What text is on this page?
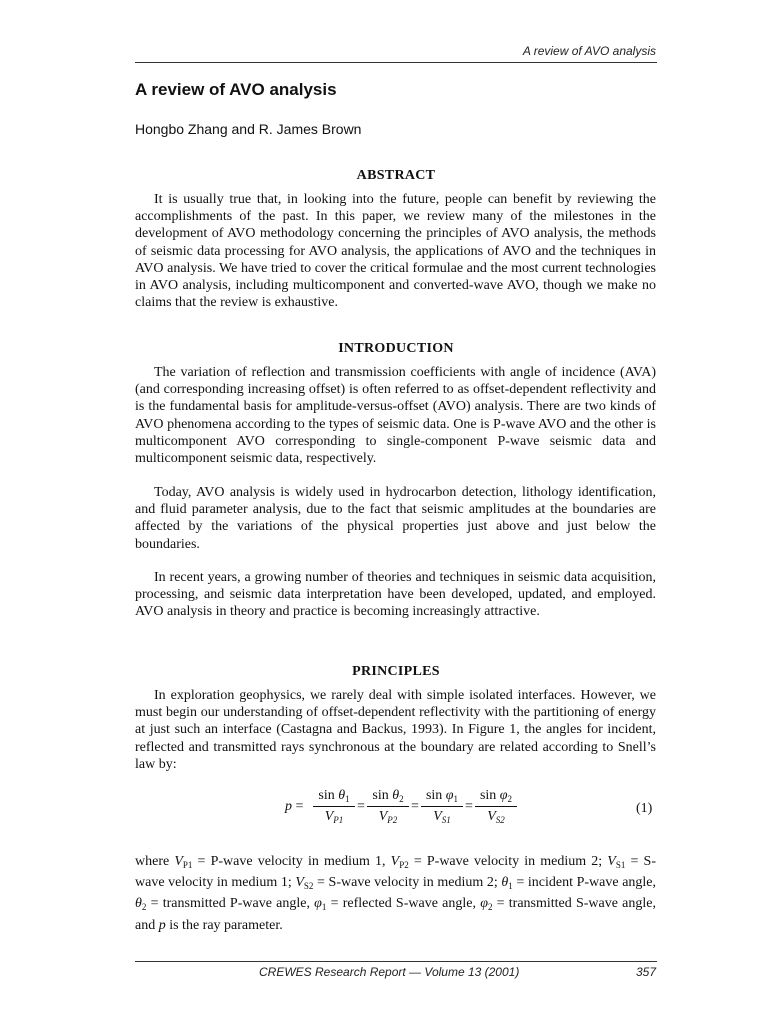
A review of AVO analysis
A review of AVO analysis
Hongbo Zhang and R. James Brown
ABSTRACT

It is usually true that, in looking into the future, people can benefit by reviewing the accomplishments of the past. In this paper, we review many of the milestones in the development of AVO methodology concerning the principles of AVO analysis, the methods of seismic data processing for AVO analysis, the applications of AVO and the techniques in AVO analysis. We have tried to cover the critical formulae and the most current technologies in AVO analysis, including multicomponent and converted-wave AVO, though we make no claims that the review is exhaustive.

INTRODUCTION

The variation of reflection and transmission coefficients with angle of incidence (AVA) (and corresponding increasing offset) is often referred to as offset-dependent reflectivity and is the fundamental basis for amplitude-versus-offset (AVO) analysis. There are two kinds of AVO phenomena according to the types of seismic data. One is P-wave AVO and the other is multicomponent AVO corresponding to single-component P-wave seismic data and multicomponent seismic data, respectively.

Today, AVO analysis is widely used in hydrocarbon detection, lithology identification, and fluid parameter analysis, due to the fact that seismic amplitudes at the boundaries are affected by the variations of the physical properties just above and just below the boundaries.

In recent years, a growing number of theories and techniques in seismic data acquisition, processing, and seismic data interpretation have been developed, updated, and employed. AVO analysis in theory and practice is becoming increasingly attractive.

PRINCIPLES

In exploration geophysics, we rarely deal with simple isolated interfaces. However, we must begin our understanding of offset-dependent reflectivity with the partitioning of energy at just such an interface (Castagna and Backus, 1993). In Figure 1, the angles for incident, reflected and transmitted rays synchronous at the boundary are related according to Snell’s law by:

$p = \frac{\sin \theta_1}{V_{P1}} = \frac{\sin \theta_2}{V_{P2}} = \frac{\sin \varphi_1}{V_{S1}} = \frac{\sin \varphi_2}{V_{S2}}$	(1)

where $V_{P1}$ = P-wave velocity in medium 1, $V_{P2}$ = P-wave velocity in medium 2; $V_{S1}$ = S-wave velocity in medium 1; $V_{S2}$ = S-wave velocity in medium 2; $\theta_1$ = incident P-wave angle, $\theta_2$ = transmitted P-wave angle, $\varphi_1$ = reflected S-wave angle, $\varphi_2$ = transmitted S-wave angle, and p is the ray parameter.

CREWES Research Report — Volume 13 (2001)	357
